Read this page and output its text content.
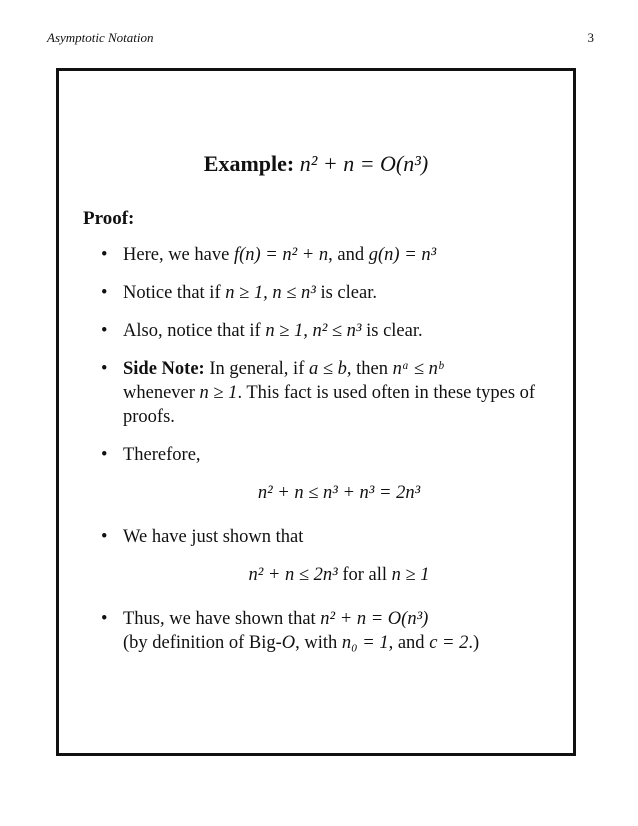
Asymptotic Notation	3
Example: n² + n = O(n³)
Proof:
• Here, we have f(n) = n² + n, and g(n) = n³
• Notice that if n ≥ 1, n ≤ n³ is clear.
• Also, notice that if n ≥ 1, n² ≤ n³ is clear.
• Side Note: In general, if a ≤ b, then nᵃ ≤ nᵇ
whenever n ≥ 1. This fact is used often in these types of proofs.
• Therefore,
n² + n ≤ n³ + n³ = 2n³
• We have just shown that
n² + n ≤ 2n³ for all n ≥ 1
• Thus, we have shown that n² + n = O(n³)
(by definition of Big-O, with n₀ = 1, and c = 2.)
